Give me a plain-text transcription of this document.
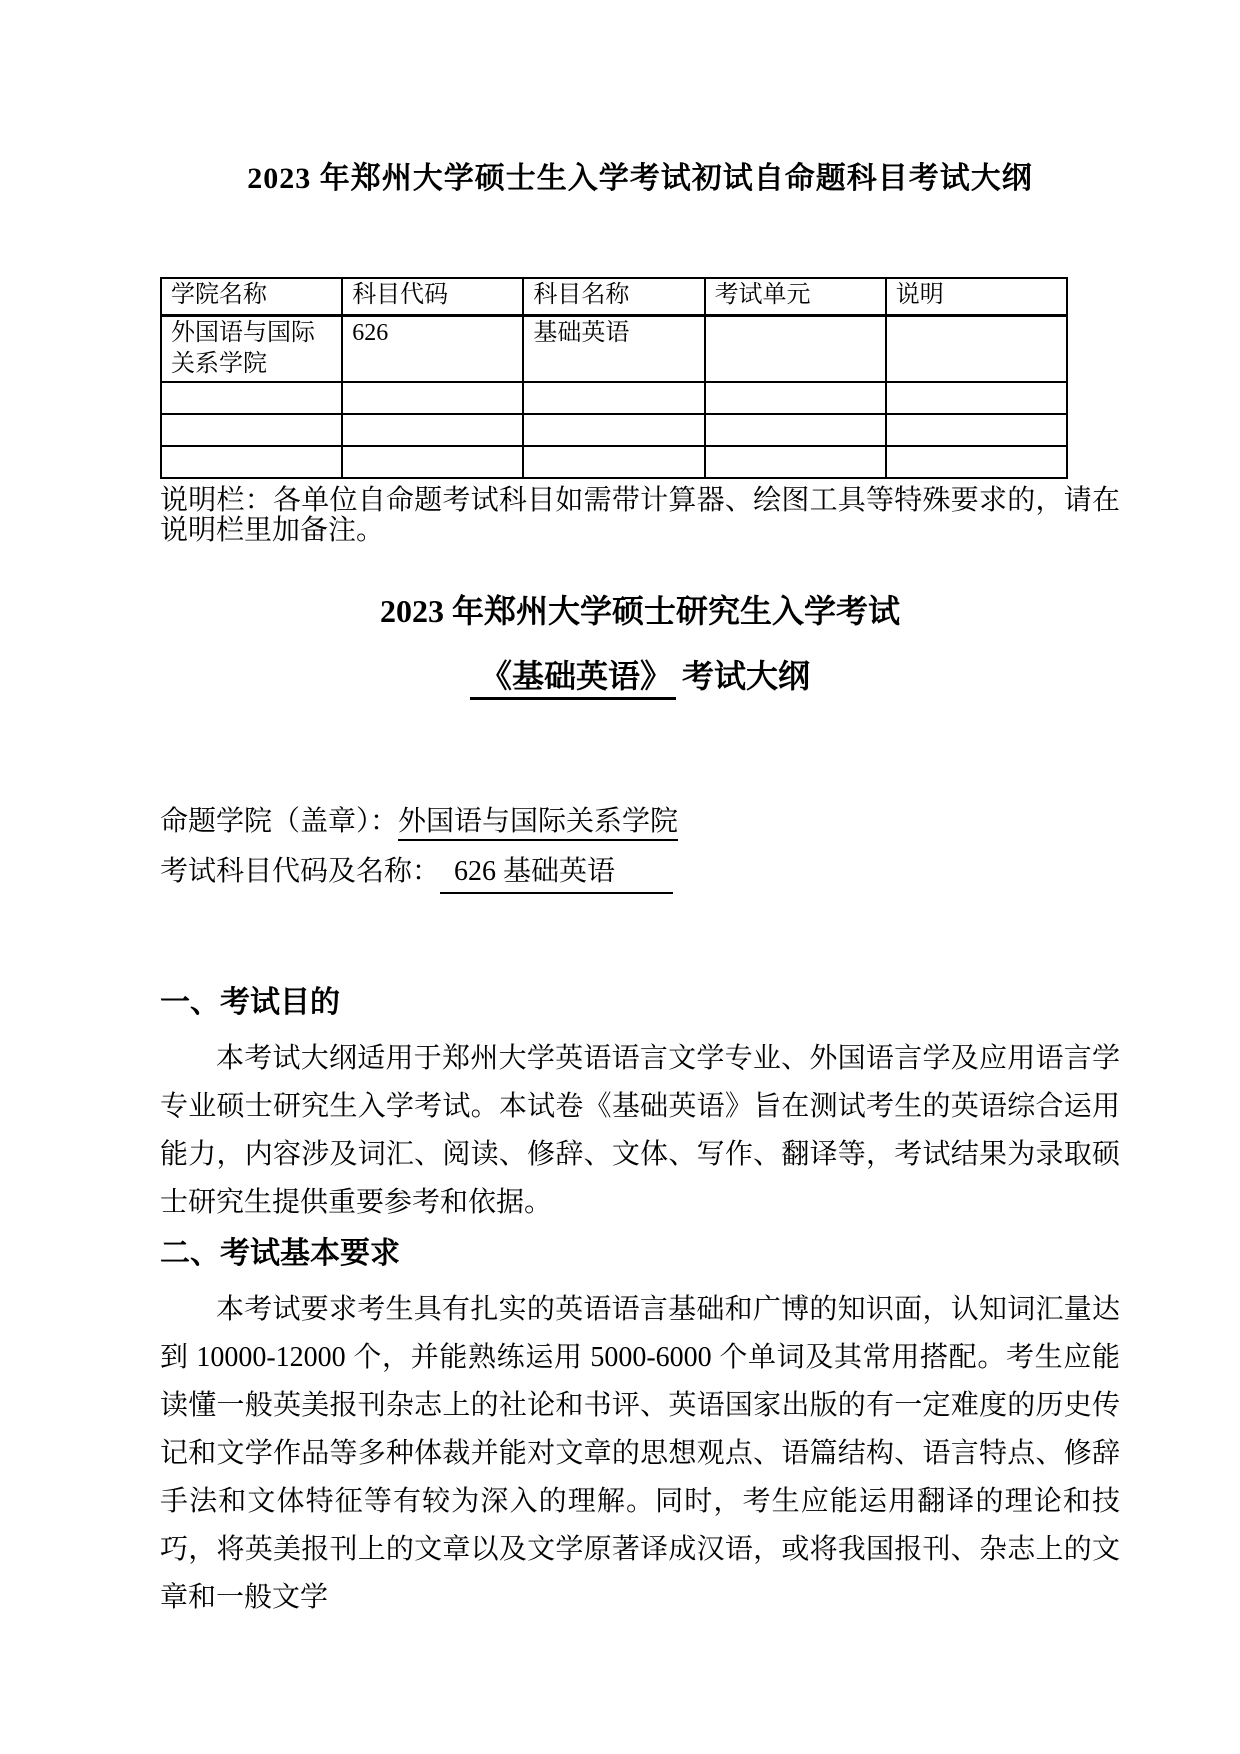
2023 年郑州大学硕士生入学考试初试自命题科目考试大纲
学院名称	科目代码	科目名称	考试单元	说明
外国语与国际关系学院	626	基础英语		

说明栏：各单位自命题考试科目如需带计算器、绘图工具等特殊要求的，请在说明栏里加备注。

2023 年郑州大学硕士研究生入学考试
《基础英语》 考试大纲
命题学院（盖章）：外国语与国际关系学院
考试科目代码及名称： 626 基础英语
一、考试目的

本考试大纲适用于郑州大学英语语言文学专业、外国语言学及应用语言学专业硕士研究生入学考试。本试卷《基础英语》旨在测试考生的英语综合运用能力，内容涉及词汇、阅读、修辞、文体、写作、翻译等，考试结果为录取硕士研究生提供重要参考和依据。

二、考试基本要求

本考试要求考生具有扎实的英语语言基础和广博的知识面，认知词汇量达到 10000-12000 个，并能熟练运用 5000-6000 个单词及其常用搭配。考生应能读懂一般英美报刊杂志上的社论和书评、英语国家出版的有一定难度的历史传记和文学作品等多种体裁并能对文章的思想观点、语篇结构、语言特点、修辞手法和文体特征等有较为深入的理解。同时，考生应能运用翻译的理论和技巧，将英美报刊上的文章以及文学原著译成汉语，或将我国报刊、杂志上的文章和一般文学
